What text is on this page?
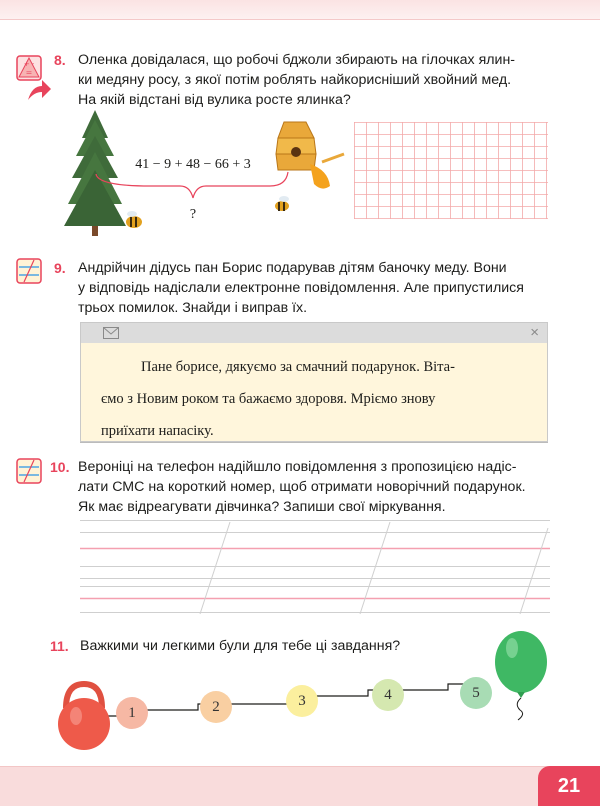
+ -
=
8. Оленка довідалася, що робочі бджоли збирають на гілочках ялин-
ки медяну росу, з якої потім роблять найкорисніший хвойний мед.
На якій відстані від вулика росте ялинка?
41 − 9 + 48 − 66 + 3
?
9. Андрійчин дідусь пан Борис подарував дітям баночку меду. Вони
у відповідь надіслали електронне повідомлення. Але припустилися
трьох помилок. Знайди і виправ їх.
×
Пане борисе, дякуємо за смачний подарунок. Віта-
ємо з Новим роком та бажаємо здоровя. Мріємо знову
приїхати напасіку.
10. Вероніці на телефон надійшло повідомлення з пропозицією надіс-
лати СМС на короткий номер, щоб отримати новорічний подарунок.
Як має відреагувати дівчинка? Запиши свої міркування.
11. Важкими чи легкими були для тебе ці завдання?
1	2	3	4	5
21
